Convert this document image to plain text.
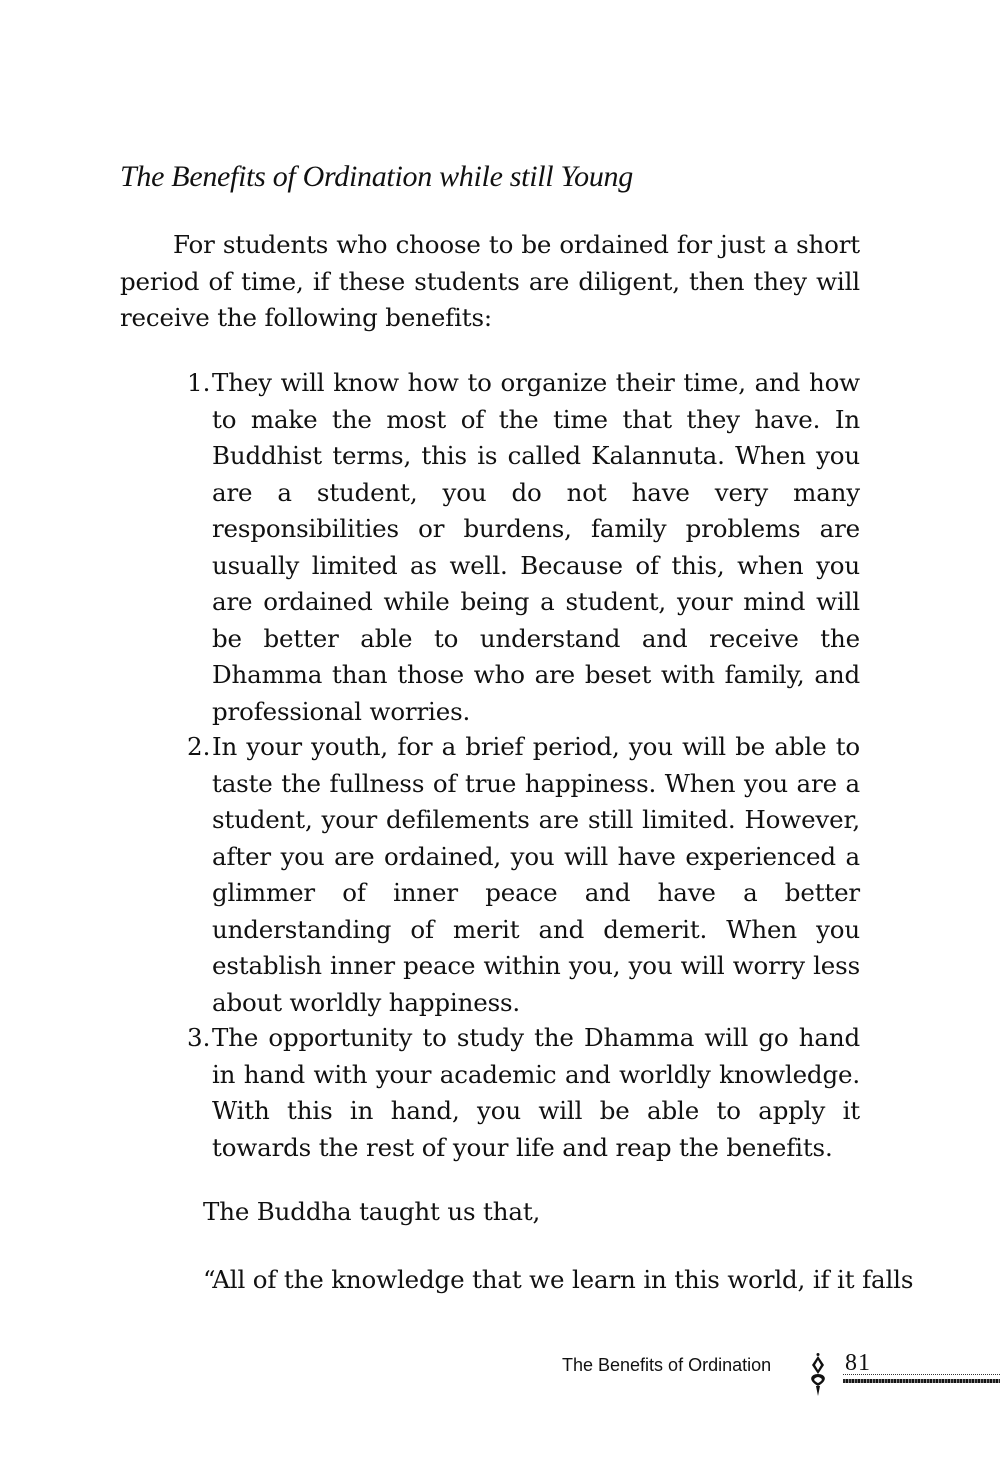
The Benefits of Ordination while still Young

For students who choose to be ordained for just a short period of time, if these students are diligent, then they will receive the following benefits:

1. They will know how to organize their time, and how to make the most of the time that they have. In Buddhist terms, this is called Kalannuta. When you are a student, you do not have very many responsibilities or burdens, family problems are usually limited as well. Because of this, when you are ordained while being a student, your mind will be better able to understand and receive the Dhamma than those who are beset with family, and professional worries.
2. In your youth, for a brief period, you will be able to taste the fullness of true happiness. When you are a student, your defilements are still limited. However, after you are ordained, you will have experienced a glimmer of inner peace and have a better understanding of merit and demerit. When you establish inner peace within you, you will worry less about worldly happiness.
3. The opportunity to study the Dhamma will go hand in hand with your academic and worldly knowledge. With this in hand, you will be able to apply it towards the rest of your life and reap the benefits.

The Buddha taught us that,

“All of the knowledge that we learn in this world, if it falls

The Benefits of Ordination	81
